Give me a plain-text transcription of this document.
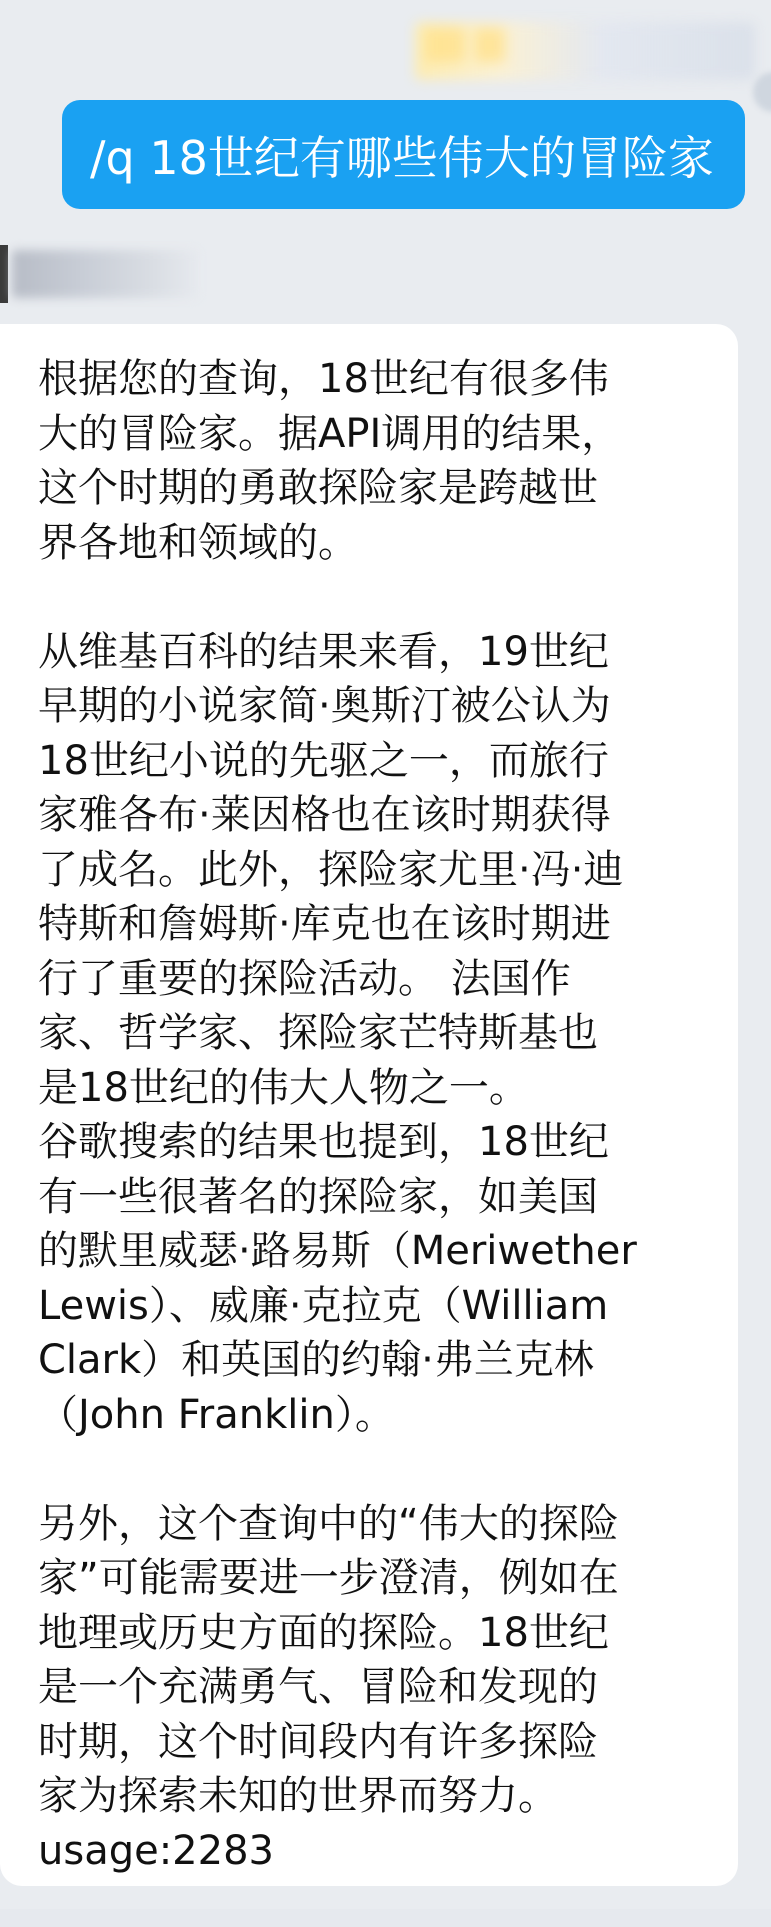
/q 18世纪有哪些伟大的冒险家

根据您的查询，18世纪有很多伟
大的冒险家。据API调用的结果，
这个时期的勇敢探险家是跨越世
界各地和领域的。

从维基百科的结果来看，19世纪
早期的小说家简·奥斯汀被公认为
18世纪小说的先驱之一，而旅行
家雅各布·莱因格也在该时期获得
了成名。此外，探险家尤里·冯·迪
特斯和詹姆斯·库克也在该时期进
行了重要的探险活动。 法国作
家、哲学家、探险家芒特斯基也
是18世纪的伟大人物之一。

谷歌搜索的结果也提到，18世纪
有一些很著名的探险家，如美国
的默里威瑟·路易斯（Meriwether
Lewis）、威廉·克拉克（William
Clark）和英国的约翰·弗兰克林
（John Franklin）。

另外，这个查询中的“伟大的探险
家”可能需要进一步澄清，例如在
地理或历史方面的探险。18世纪
是一个充满勇气、冒险和发现的
时期，这个时间段内有许多探险
家为探索未知的世界而努力。

usage:2283
